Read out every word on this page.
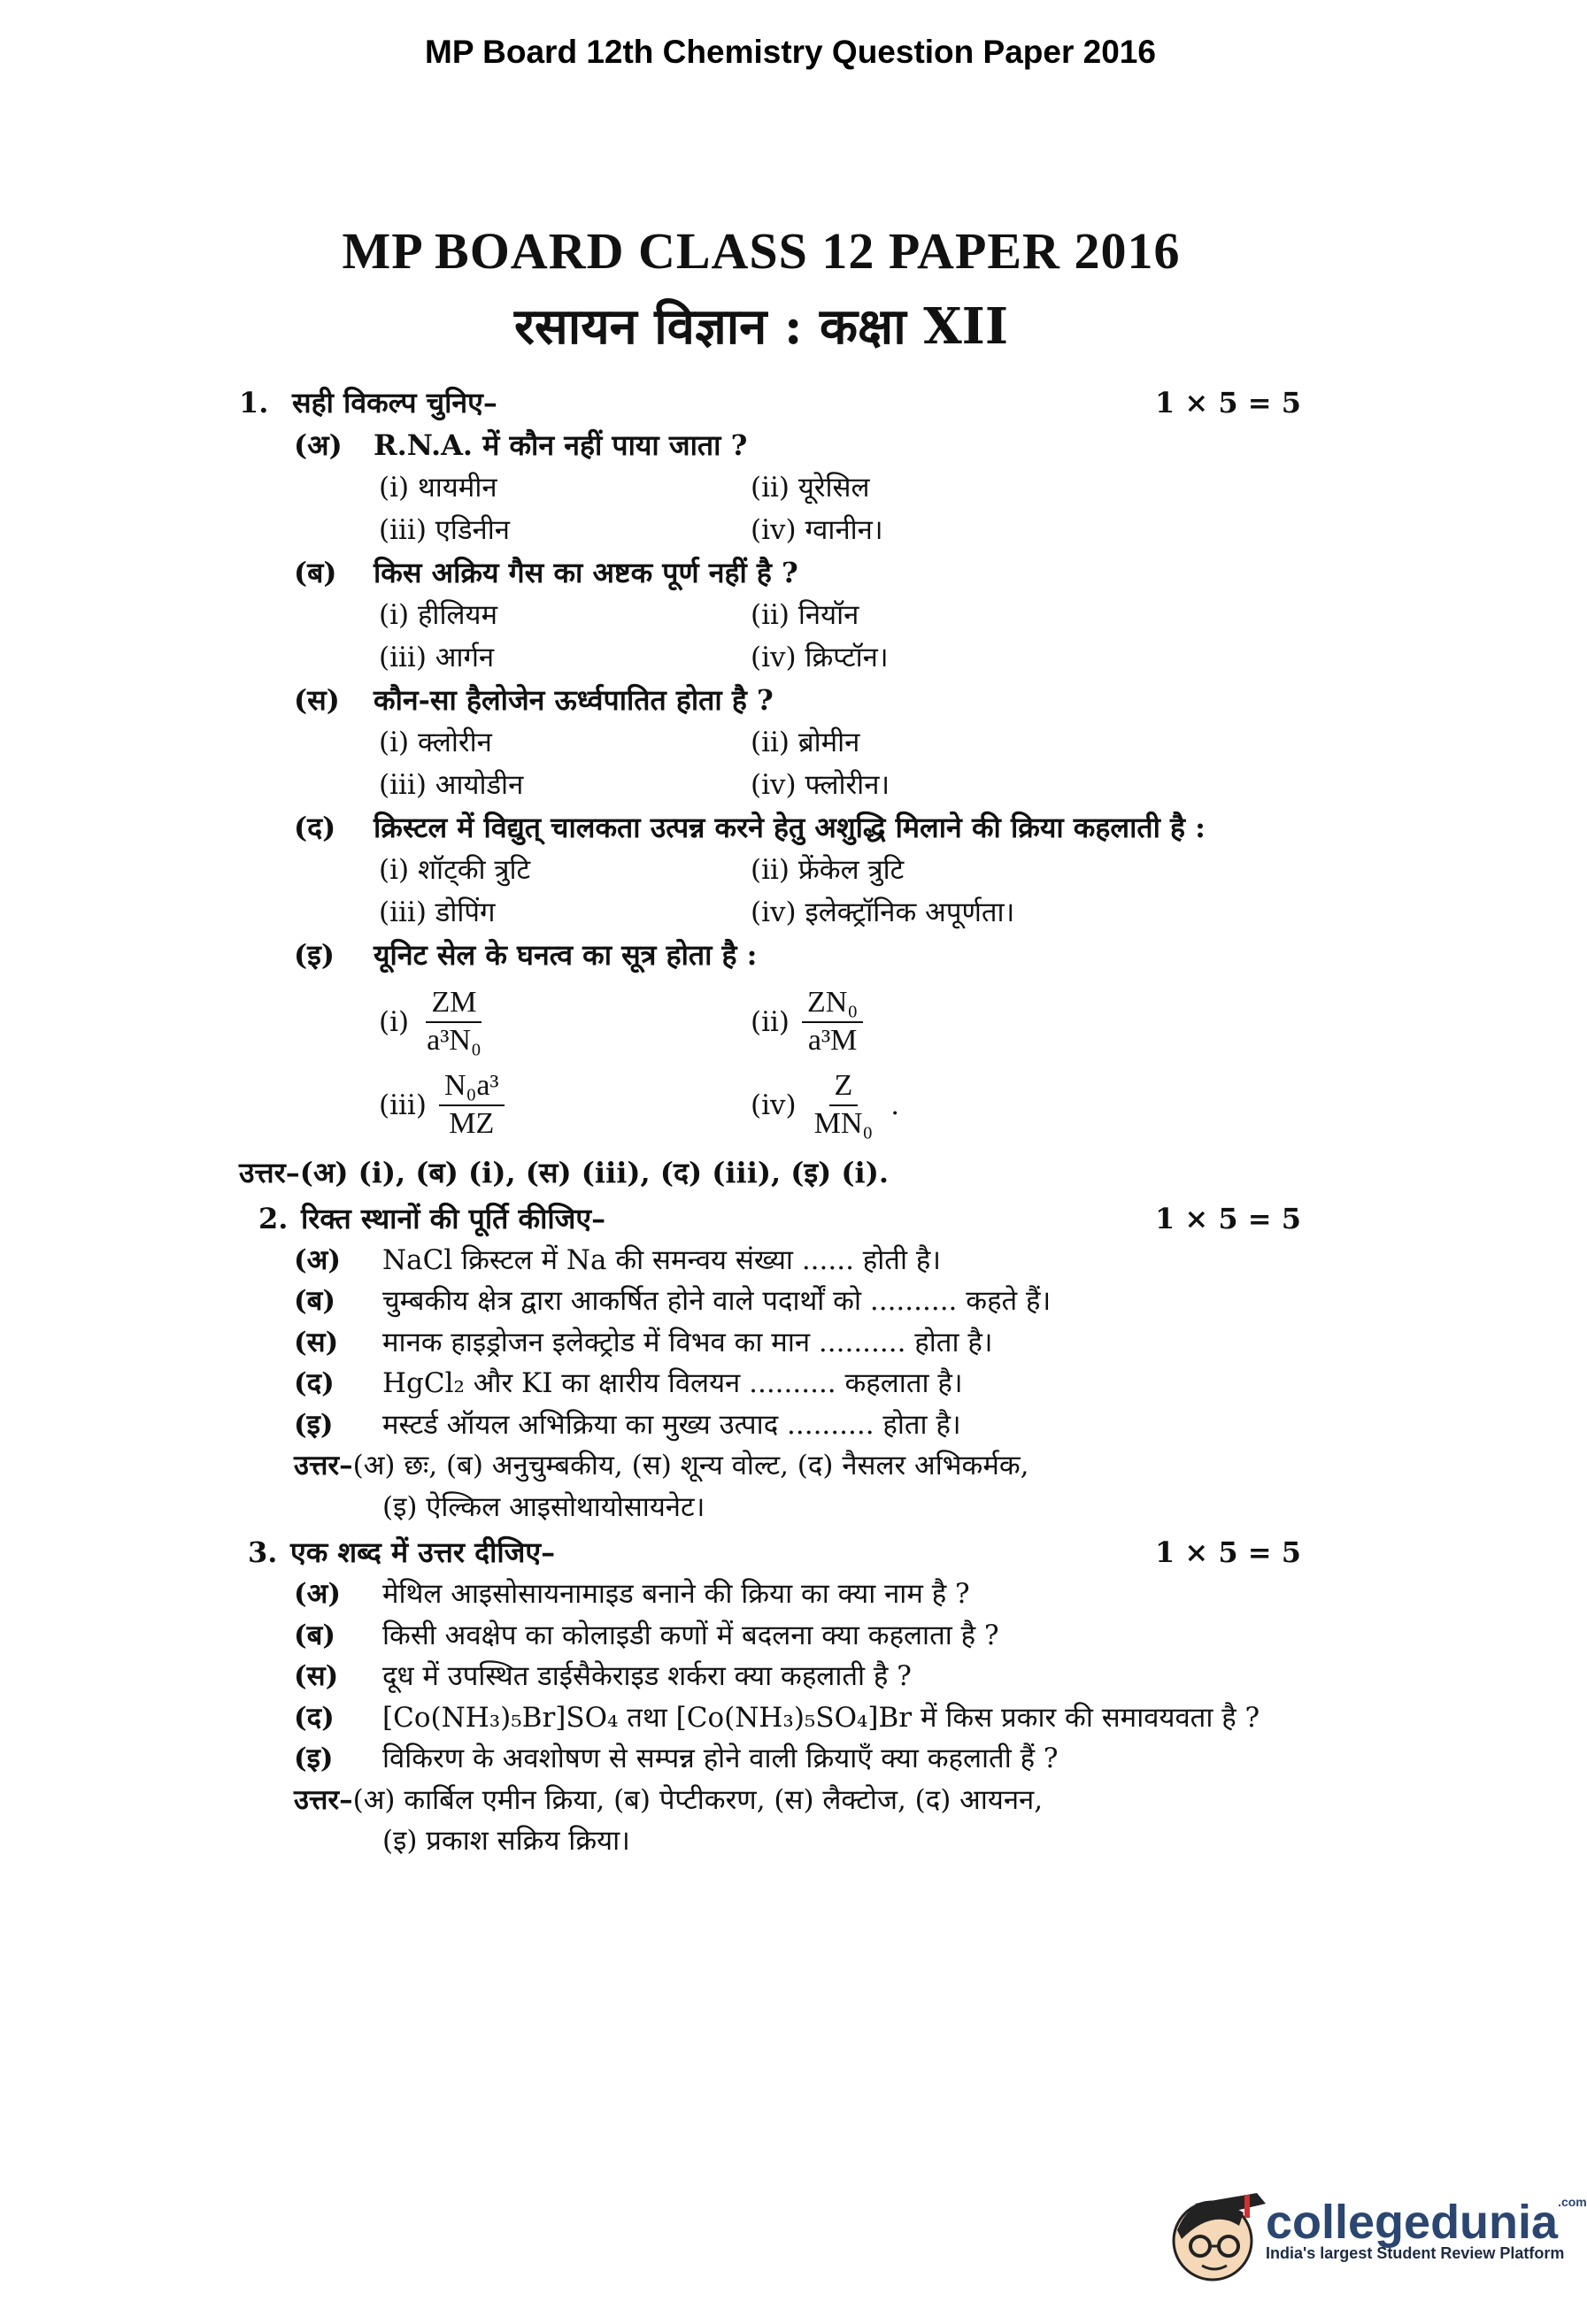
MP Board 12th Chemistry Question Paper 2016
MP BOARD CLASS 12 PAPER 2016
रसायन विज्ञान : कक्षा XII
1. सही विकल्प चुनिए–	1 × 5 = 5
(अ)	R.N.A. में कौन नहीं पाया जाता ?
(i) थायमीन	(ii) यूरेसिल
(iii) एडिनीन	(iv) ग्वानीन।
(ब)	किस अक्रिय गैस का अष्टक पूर्ण नहीं है ?
(i) हीलियम	(ii) नियॉन
(iii) आर्गन	(iv) क्रिप्टॉन।
(स)	कौन-सा हैलोजेन ऊर्ध्वपातित होता है ?
(i) क्लोरीन	(ii) ब्रोमीन
(iii) आयोडीन	(iv) फ्लोरीन।
(द)	क्रिस्टल में विद्युत् चालकता उत्पन्न करने हेतु अशुद्धि मिलाने की क्रिया कहलाती है :
(i) शॉट्की त्रुटि	(ii) फ्रेंकेल त्रुटि
(iii) डोपिंग	(iv) इलेक्ट्रॉनिक अपूर्णता।
(इ)	यूनिट सेल के घनत्व का सूत्र होता है :
$(i) \frac{ZM}{\text{a³N₀}}$	$(ii) \frac{\text{ZN₀}}{\text{a³M}}$
$(iii) \frac{\text{N₀a³}}{MZ}$	$(iv) \frac{Z}{\text{MN₀}}$ .
उत्तर–(अ) (i), (ब) (i), (स) (iii), (द) (iii), (इ) (i).
2. रिक्त स्थानों की पूर्ति कीजिए–	1 × 5 = 5
(अ)	NaCl क्रिस्टल में Na की समन्वय संख्या ...... होती है।
(ब)	चुम्बकीय क्षेत्र द्वारा आकर्षित होने वाले पदार्थों को .......... कहते हैं।
(स)	मानक हाइड्रोजन इलेक्ट्रोड में विभव का मान .......... होता है।
(द)	HgCl₂ और KI का क्षारीय विलयन .......... कहलाता है।
(इ)	मस्टर्ड ऑयल अभिक्रिया का मुख्य उत्पाद .......... होता है।
उत्तर–(अ) छः, (ब) अनुचुम्बकीय, (स) शून्य वोल्ट, (द) नैसलर अभिकर्मक,
(इ) ऐल्किल आइसोथायोसायनेट।
3. एक शब्द में उत्तर दीजिए–	1 × 5 = 5
(अ)	मेथिल आइसोसायनामाइड बनाने की क्रिया का क्या नाम है ?
(ब)	किसी अवक्षेप का कोलाइडी कणों में बदलना क्या कहलाता है ?
(स)	दूध में उपस्थित डाईसैकेराइड शर्करा क्या कहलाती है ?
(द)	[Co(NH₃)₅Br]SO₄ तथा [Co(NH₃)₅SO₄]Br में किस प्रकार की समावयवता है ?
(इ)	विकिरण के अवशोषण से सम्पन्न होने वाली क्रियाएँ क्या कहलाती हैं ?
उत्तर–(अ) कार्बिल एमीन क्रिया, (ब) पेप्टीकरण, (स) लैक्टोज, (द) आयनन,
(इ) प्रकाश सक्रिय क्रिया।
collegedunia$^{.com}$
India's largest Student Review Platform
